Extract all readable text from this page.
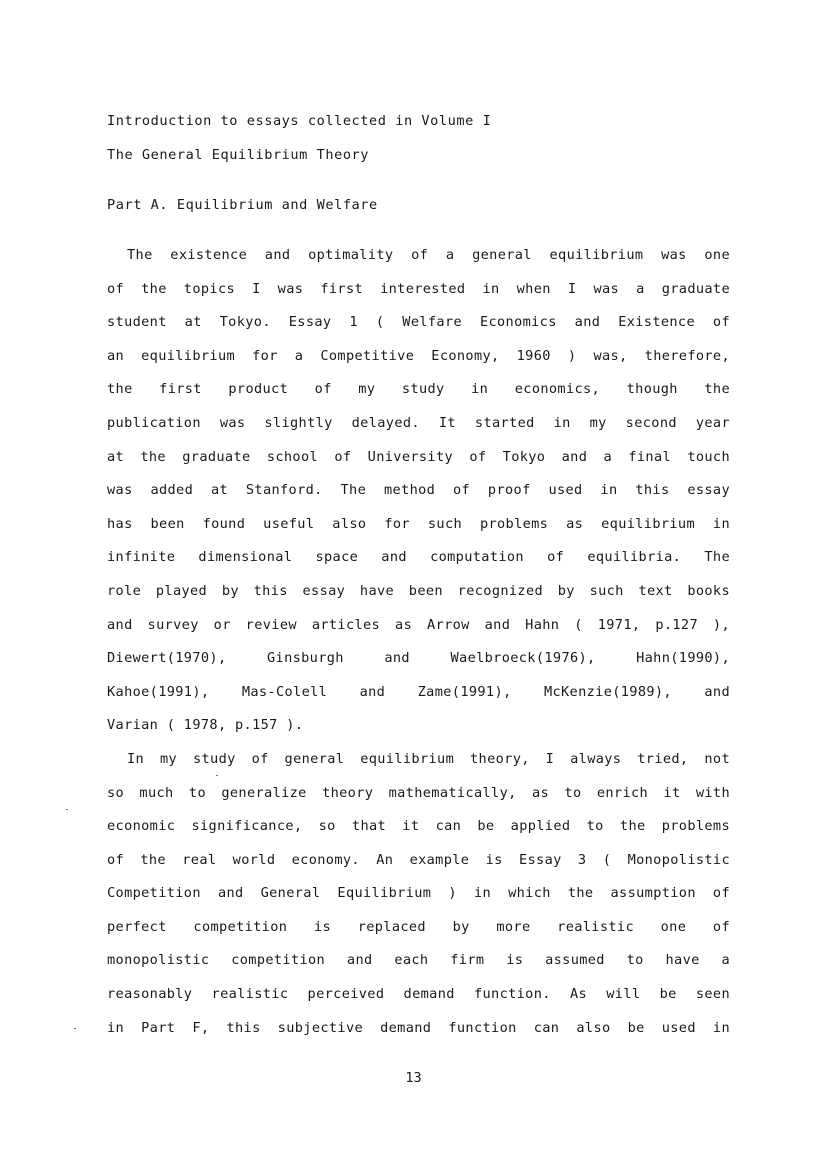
Introduction to essays collected in Volume I
The General Equilibrium Theory
Part A. Equilibrium and Welfare
The existence and optimality of a general equilibrium was one
of the topics I was first interested in when I was a graduate
student at Tokyo. Essay 1 ( Welfare Economics and Existence of
an equilibrium for a Competitive Economy, 1960 ) was, therefore,
the first product of my study in economics, though the
publication was slightly delayed. It started in my second year
at the graduate school of University of Tokyo and a final touch
was added at Stanford. The method of proof used in this essay
has been found useful also for such problems as equilibrium in
infinite dimensional space and computation of equilibria. The
role played by this essay have been recognized by such text books
and survey or review articles as Arrow and Hahn ( 1971, p.127 ),
Diewert(1970), Ginsburgh and Waelbroeck(1976), Hahn(1990),
Kahoe(1991), Mas-Colell and Zame(1991), McKenzie(1989), and
Varian ( 1978, p.157 ).
In my study of general equilibrium theory, I always tried, not
so much to generalize theory mathematically, as to enrich it with
economic significance, so that it can be applied to the problems
of the real world economy. An example is Essay 3 ( Monopolistic
Competition and General Equilibrium ) in which the assumption of
perfect competition is replaced by more realistic one of
monopolistic competition and each firm is assumed to have a
reasonably realistic perceived demand function. As will be seen
in Part F, this subjective demand function can also be used in
13
